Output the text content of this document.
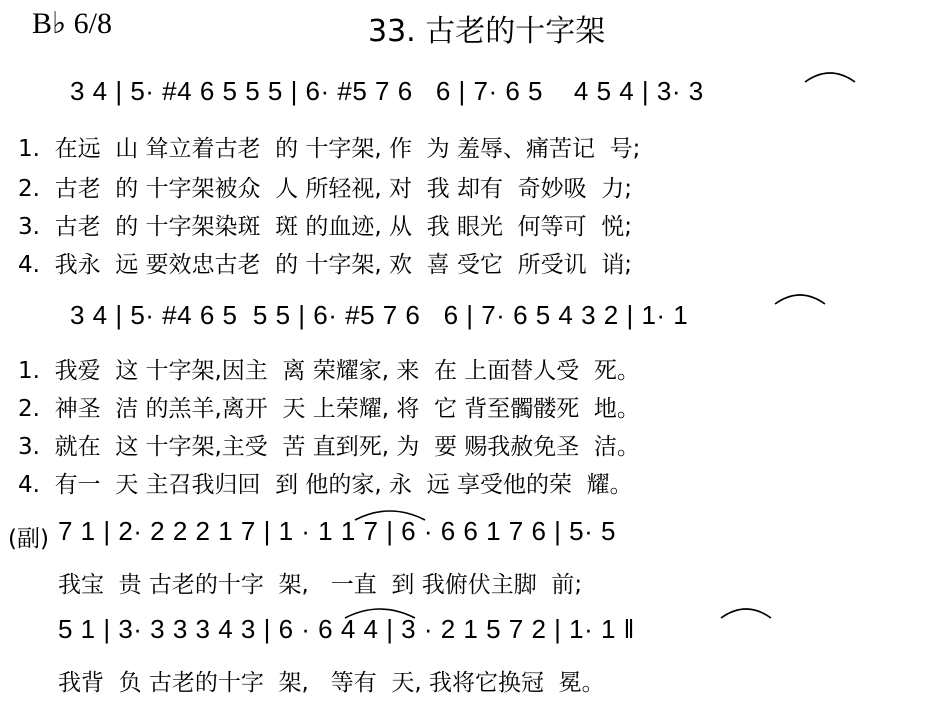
B♭ 6/8	33. 古老的十字架
3 4 | 5· #4 6 5 5 5 | 6· #5 7 6   6 | 7· 6 5    4 5 4 | 3· 3
1.  在远  山 耸立着古老  的 十字架, 作  为 羞辱、痛苦记  号;
2.  古老  的 十字架被众  人 所轻视, 对  我 却有  奇妙吸  力;
3.  古老  的 十字架染斑  斑 的血迹, 从  我 眼光  何等可  悦;
4.  我永  远 要效忠古老  的 十字架, 欢  喜 受它  所受讥  诮;
3 4 | 5· #4 6 5  5 5 | 6· #5 7 6   6 | 7· 6 5 4 3 2 | 1· 1
1.  我爱  这 十字架,因主  离 荣耀家, 来  在 上面替人受  死。
2.  神圣  洁 的羔羊,离开  天 上荣耀, 将  它 背至髑髅死  地。
3.  就在  这 十字架,主受  苦 直到死, 为  要 赐我赦免圣  洁。
4.  有一  天 主召我归回  到 他的家, 永  远 享受他的荣  耀。
(副) 7 1 | 2· 2 2 2 1 7 | 1 · 1 1 7 | 6 · 6 6 1 7 6 | 5· 5
我宝  贵 古老的十字  架,   一直  到 我俯伏主脚  前;
5 1 | 3· 3 3 3 4 3 | 6 · 6 4 4 | 3 · 2 1 5 7 2 | 1· 1 ‖
我背  负 古老的十字  架,   等有  天, 我将它换冠  冕。
